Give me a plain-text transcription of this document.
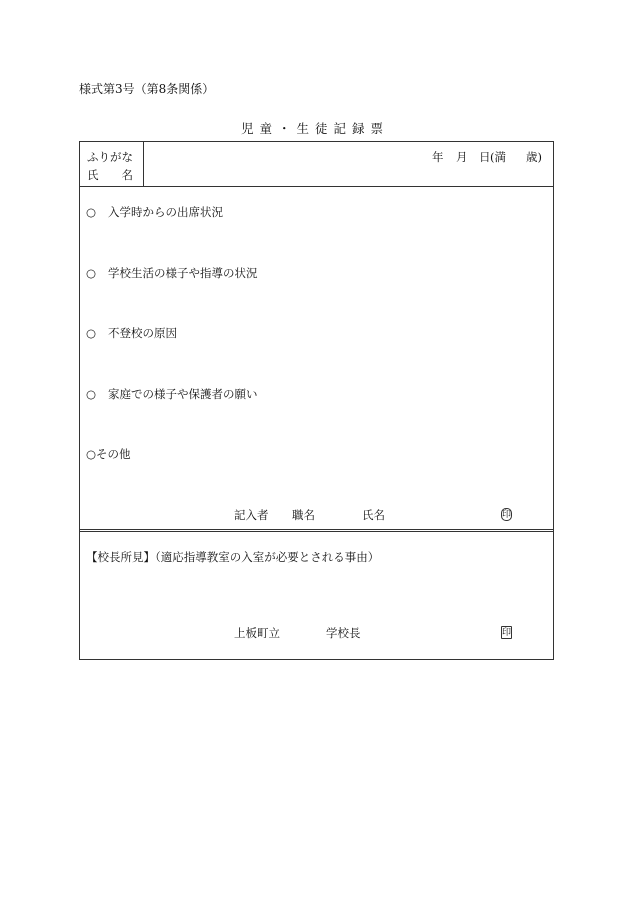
様式第3号（第8条関係）
児童・生徒記録票
ふりがな
氏　　名
年 月 日 (満 歳)
○ 入学時からの出席状況
○ 学校生活の様子や指導の状況
○ 不登校の原因
○ 家庭での様子や保護者の願い
○その他
記入者 職名	氏名	印
【校長所見】（適応指導教室の入室が必要とされる事由）
上板町立	学校長	印
